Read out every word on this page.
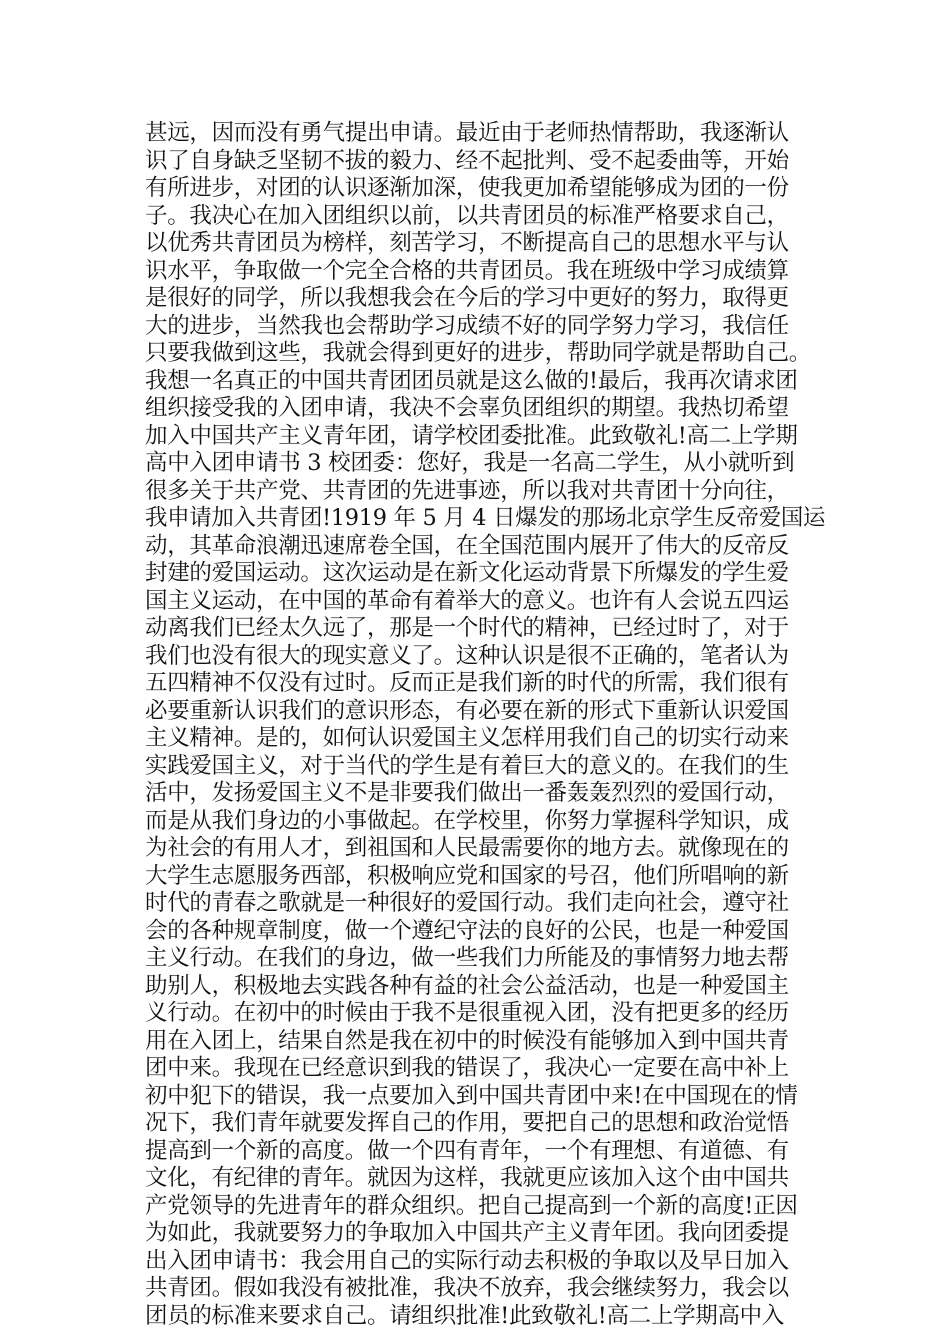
甚远，因而没有勇气提出申请。最近由于老师热情帮助，我逐渐认
识了自身缺乏坚韧不拔的毅力、经不起批判、受不起委曲等，开始
有所进步，对团的认识逐渐加深，使我更加希望能够成为团的一份
子。我决心在加入团组织以前，以共青团员的标准严格要求自己，
以优秀共青团员为榜样，刻苦学习，不断提高自己的思想水平与认
识水平，争取做一个完全合格的共青团员。我在班级中学习成绩算
是很好的同学，所以我想我会在今后的学习中更好的努力，取得更
大的进步，当然我也会帮助学习成绩不好的同学努力学习，我信任
只要我做到这些，我就会得到更好的进步，帮助同学就是帮助自己。
我想一名真正的中国共青团团员就是这么做的!最后，我再次请求团
组织接受我的入团申请，我决不会辜负团组织的期望。我热切希望
加入中国共产主义青年团，请学校团委批准。此致敬礼!高二上学期
高中入团申请书 3 校团委：您好，我是一名高二学生，从小就听到
很多关于共产党、共青团的先进事迹，所以我对共青团十分向往，
我申请加入共青团!1919 年 5 月 4 日爆发的那场北京学生反帝爱国运
动，其革命浪潮迅速席卷全国，在全国范围内展开了伟大的反帝反
封建的爱国运动。这次运动是在新文化运动背景下所爆发的学生爱
国主义运动，在中国的革命有着举大的意义。也许有人会说五四运
动离我们已经太久远了，那是一个时代的精神，已经过时了，对于
我们也没有很大的现实意义了。这种认识是很不正确的，笔者认为
五四精神不仅没有过时。反而正是我们新的时代的所需，我们很有
必要重新认识我们的意识形态，有必要在新的形式下重新认识爱国
主义精神。是的，如何认识爱国主义怎样用我们自己的切实行动来
实践爱国主义，对于当代的学生是有着巨大的意义的。在我们的生
活中，发扬爱国主义不是非要我们做出一番轰轰烈烈的爱国行动，
而是从我们身边的小事做起。在学校里，你努力掌握科学知识，成
为社会的有用人才，到祖国和人民最需要你的地方去。就像现在的
大学生志愿服务西部，积极响应党和国家的号召，他们所唱响的新
时代的青春之歌就是一种很好的爱国行动。我们走向社会，遵守社
会的各种规章制度，做一个遵纪守法的良好的公民，也是一种爱国
主义行动。在我们的身边，做一些我们力所能及的事情努力地去帮
助别人，积极地去实践各种有益的社会公益活动，也是一种爱国主
义行动。在初中的时候由于我不是很重视入团，没有把更多的经历
用在入团上，结果自然是我在初中的时候没有能够加入到中国共青
团中来。我现在已经意识到我的错误了，我决心一定要在高中补上
初中犯下的错误，我一点要加入到中国共青团中来!在中国现在的情
况下，我们青年就要发挥自己的作用，要把自己的思想和政治觉悟
提高到一个新的高度。做一个四有青年，一个有理想、有道德、有
文化，有纪律的青年。就因为这样，我就更应该加入这个由中国共
产党领导的先进青年的群众组织。把自己提高到一个新的高度!正因
为如此，我就要努力的争取加入中国共产主义青年团。我向团委提
出入团申请书：我会用自己的实际行动去积极的争取以及早日加入
共青团。假如我没有被批准，我决不放弃，我会继续努力，我会以
团员的标准来要求自己。请组织批准!此致敬礼!高二上学期高中入
